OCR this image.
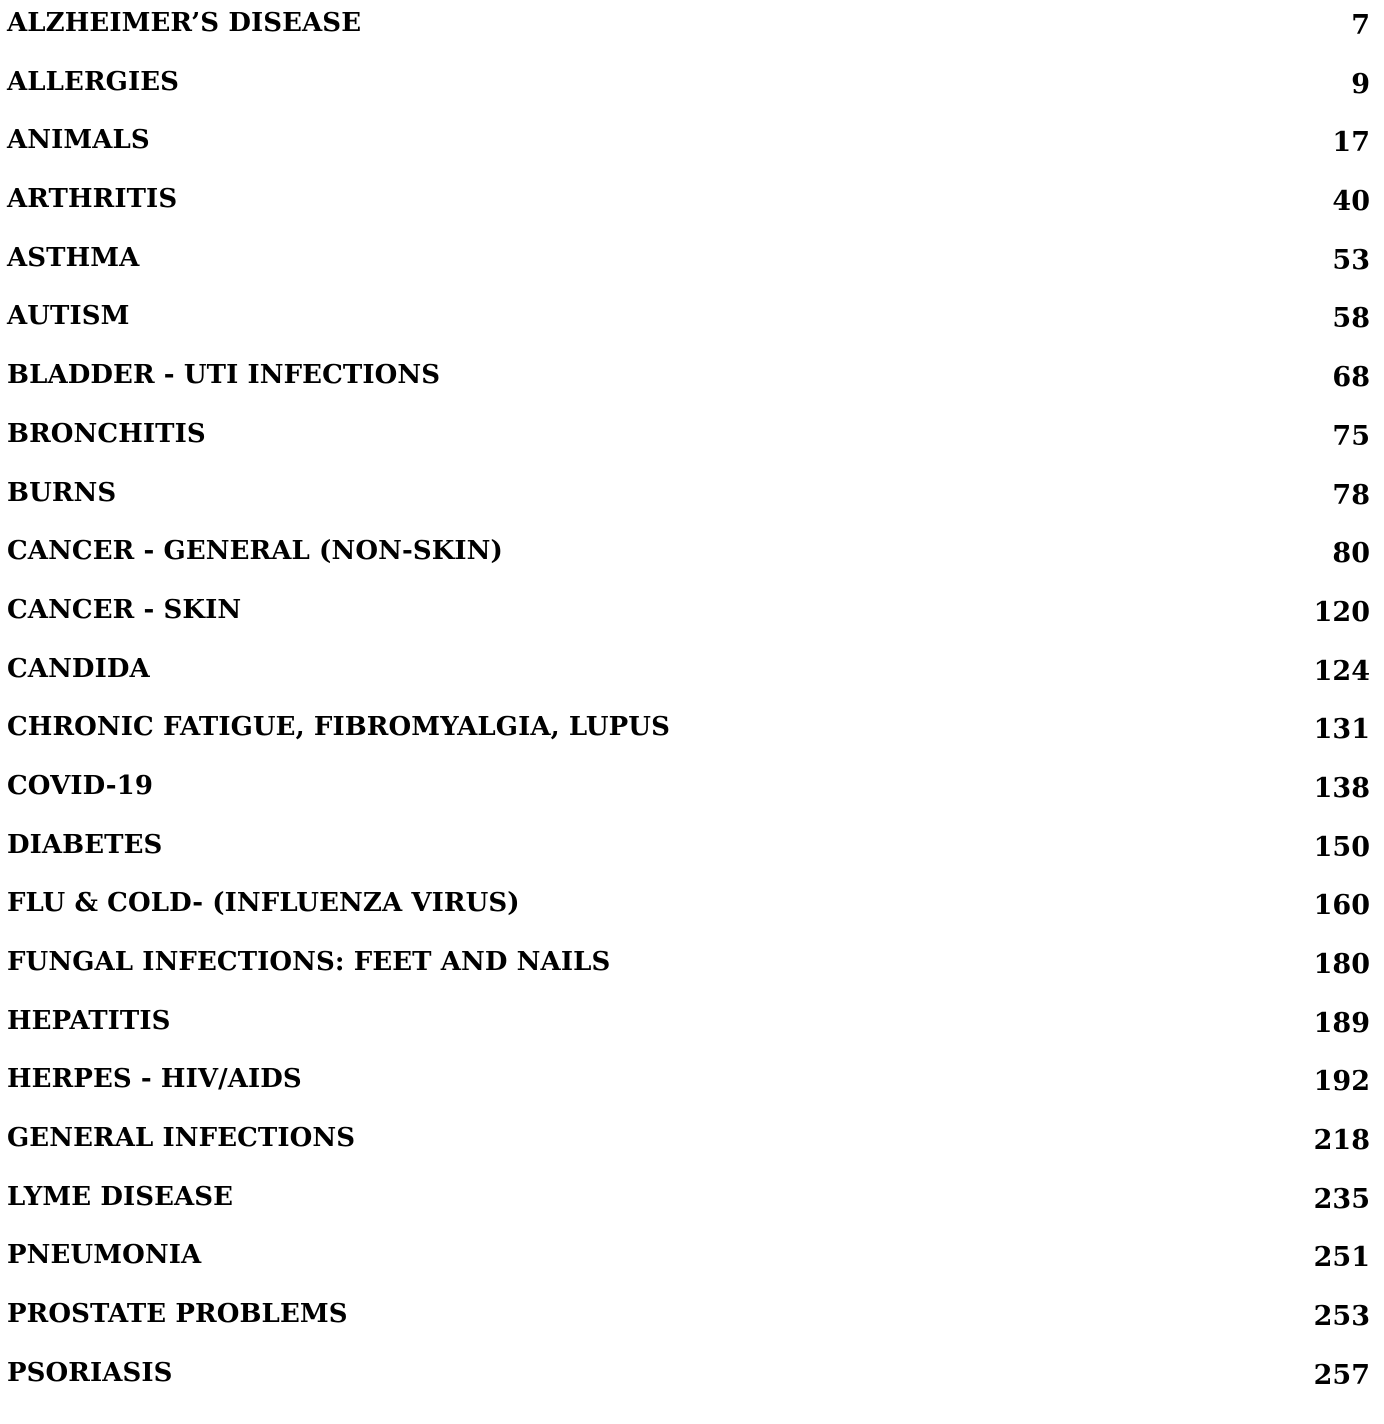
ALZHEIMER’S DISEASE	7
ALLERGIES	9
ANIMALS	17
ARTHRITIS	40
ASTHMA	53
AUTISM	58
BLADDER - UTI INFECTIONS	68
BRONCHITIS	75
BURNS	78
CANCER - GENERAL (NON-SKIN)	80
CANCER - SKIN	120
CANDIDA	124
CHRONIC FATIGUE, FIBROMYALGIA, LUPUS	131
COVID-19	138
DIABETES	150
FLU & COLD- (INFLUENZA VIRUS)	160
FUNGAL INFECTIONS: FEET AND NAILS	180
HEPATITIS	189
HERPES - HIV/AIDS	192
GENERAL INFECTIONS	218
LYME DISEASE	235
PNEUMONIA	251
PROSTATE PROBLEMS	253
PSORIASIS	257
